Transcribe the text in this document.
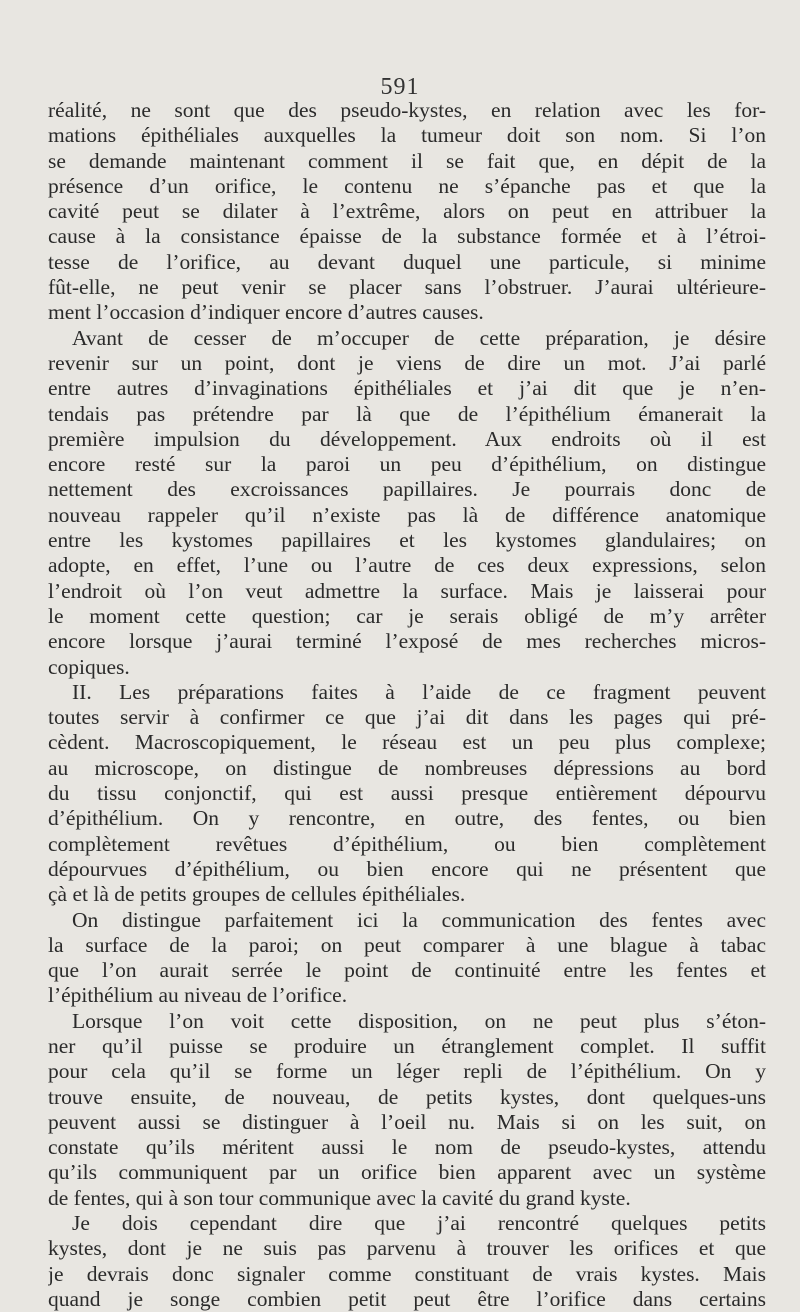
591
réalité, ne sont que des pseudo-kystes, en relation avec les for-
mations épithéliales auxquelles la tumeur doit son nom. Si l’on
se demande maintenant comment il se fait que, en dépit de la
présence d’un orifice, le contenu ne s’épanche pas et que la
cavité peut se dilater à l’extrême, alors on peut en attribuer la
cause à la consistance épaisse de la substance formée et à l’étroi-
tesse de l’orifice, au devant duquel une particule, si minime
fût-elle, ne peut venir se placer sans l’obstruer. J’aurai ultérieure-
ment l’occasion d’indiquer encore d’autres causes.
Avant de cesser de m’occuper de cette préparation, je désire
revenir sur un point, dont je viens de dire un mot. J’ai parlé
entre autres d’invaginations épithéliales et j’ai dit que je n’en-
tendais pas prétendre par là que de l’épithélium émanerait la
première impulsion du développement. Aux endroits où il est
encore resté sur la paroi un peu d’épithélium, on distingue
nettement des excroissances papillaires. Je pourrais donc de
nouveau rappeler qu’il n’existe pas là de différence anatomique
entre les kystomes papillaires et les kystomes glandulaires; on
adopte, en effet, l’une ou l’autre de ces deux expressions, selon
l’endroit où l’on veut admettre la surface. Mais je laisserai pour
le moment cette question; car je serais obligé de m’y arrêter
encore lorsque j’aurai terminé l’exposé de mes recherches micros-
copiques.
II. Les préparations faites à l’aide de ce fragment peuvent
toutes servir à confirmer ce que j’ai dit dans les pages qui pré-
cèdent. Macroscopiquement, le réseau est un peu plus complexe;
au microscope, on distingue de nombreuses dépressions au bord
du tissu conjonctif, qui est aussi presque entièrement dépourvu
d’épithélium. On y rencontre, en outre, des fentes, ou bien
complètement revêtues d’épithélium, ou bien complètement
dépourvues d’épithélium, ou bien encore qui ne présentent que
çà et là de petits groupes de cellules épithéliales.
On distingue parfaitement ici la communication des fentes avec
la surface de la paroi; on peut comparer à une blague à tabac
que l’on aurait serrée le point de continuité entre les fentes et
l’épithélium au niveau de l’orifice.
Lorsque l’on voit cette disposition, on ne peut plus s’éton-
ner qu’il puisse se produire un étranglement complet. Il suffit
pour cela qu’il se forme un léger repli de l’épithélium. On y
trouve ensuite, de nouveau, de petits kystes, dont quelques-uns
peuvent aussi se distinguer à l’oeil nu. Mais si on les suit, on
constate qu’ils méritent aussi le nom de pseudo-kystes, attendu
qu’ils communiquent par un orifice bien apparent avec un système
de fentes, qui à son tour communique avec la cavité du grand kyste.
Je dois cependant dire que j’ai rencontré quelques petits
kystes, dont je ne suis pas parvenu à trouver les orifices et que
je devrais donc signaler comme constituant de vrais kystes. Mais
quand je songe combien petit peut être l’orifice dans certains
